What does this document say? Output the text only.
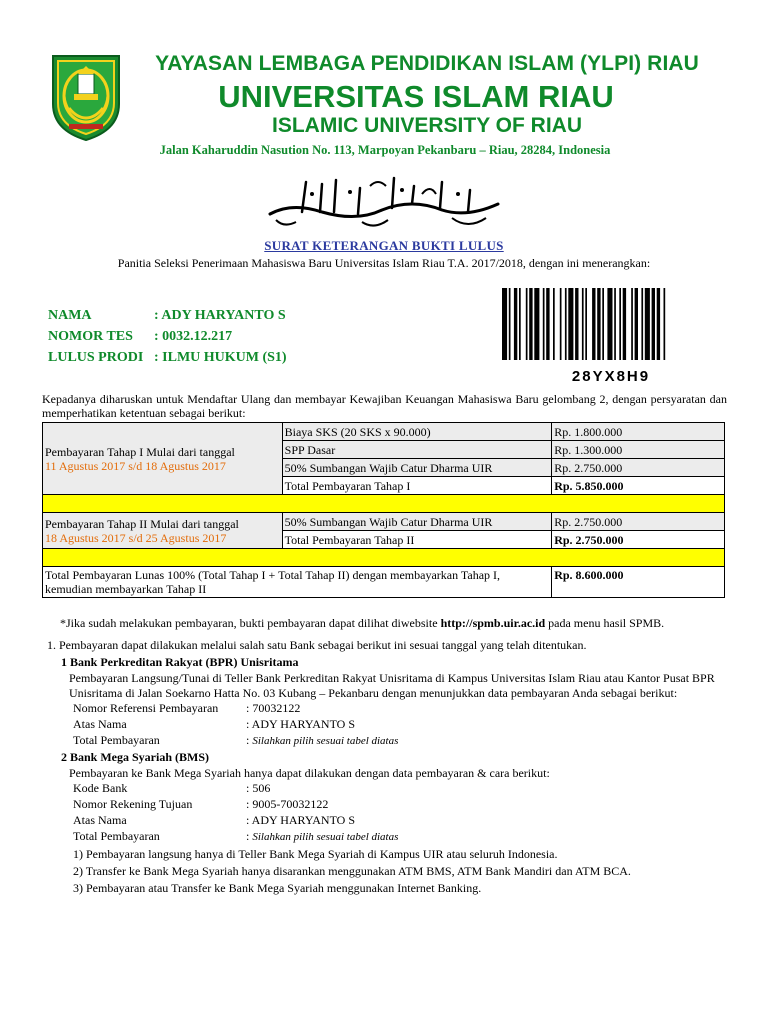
YAYASAN LEMBAGA PENDIDIKAN ISLAM (YLPI) RIAU
UNIVERSITAS ISLAM RIAU
ISLAMIC UNIVERSITY OF RIAU
Jalan Kaharuddin Nasution No. 113, Marpoyan Pekanbaru – Riau, 28284, Indonesia
SURAT KETERANGAN BUKTI LULUS
Panitia Seleksi Penerimaan Mahasiswa Baru Universitas Islam Riau T.A. 2017/2018, dengan ini menerangkan:
NAMA	: ADY HARYANTO S
NOMOR TES : 0032.12.217
LULUS PRODI : ILMU HUKUM (S1)
28YX8H9
Kepadanya diharuskan untuk Mendaftar Ulang dan membayar Kewajiban Keuangan Mahasiswa Baru gelombang 2, dengan persyaratan dan memperhatikan ketentuan sebagai berikut:
Pembayaran Tahap I Mulai dari tanggal
11 Agustus 2017 s/d 18 Agustus 2017	Biaya SKS (20 SKS x 90.000)	Rp. 1.800.000
	SPP Dasar	Rp. 1.300.000
	50% Sumbangan Wajib Catur Dharma UIR	Rp. 2.750.000
	Total Pembayaran Tahap I	Rp. 5.850.000

Pembayaran Tahap II Mulai dari tanggal
18 Agustus 2017 s/d 25 Agustus 2017	50% Sumbangan Wajib Catur Dharma UIR	Rp. 2.750.000
	Total Pembayaran Tahap II	Rp. 2.750.000

Total Pembayaran Lunas 100% (Total Tahap I + Total Tahap II) dengan membayarkan Tahap I, kemudian membayarkan Tahap II		Rp. 8.600.000
*Jika sudah melakukan pembayaran, bukti pembayaran dapat dilihat diwebsite http://spmb.uir.ac.id pada menu hasil SPMB.
1. Pembayaran dapat dilakukan melalui salah satu Bank sebagai berikut ini sesuai tanggal yang telah ditentukan.
1 Bank Perkreditan Rakyat (BPR) Unisritama
Pembayaran Langsung/Tunai di Teller Bank Perkreditan Rakyat Unisritama di Kampus Universitas Islam Riau atau Kantor Pusat BPR
Unisritama di Jalan Soekarno Hatta No. 03 Kubang – Pekanbaru dengan menunjukkan data pembayaran Anda sebagai berikut:
Nomor Referensi Pembayaran : 70032122
Atas Nama	: ADY HARYANTO S
Total Pembayaran	: Silahkan pilih sesuai tabel diatas
2 Bank Mega Syariah (BMS)
Pembayaran ke Bank Mega Syariah hanya dapat dilakukan dengan data pembayaran & cara berikut:
Kode Bank	: 506
Nomor Rekening Tujuan	: 9005-70032122
Atas Nama	: ADY HARYANTO S
Total Pembayaran	: Silahkan pilih sesuai tabel diatas
1) Pembayaran langsung hanya di Teller Bank Mega Syariah di Kampus UIR atau seluruh Indonesia.
2) Transfer ke Bank Mega Syariah hanya disarankan menggunakan ATM BMS, ATM Bank Mandiri dan ATM BCA.
3) Pembayaran atau Transfer ke Bank Mega Syariah menggunakan Internet Banking.
